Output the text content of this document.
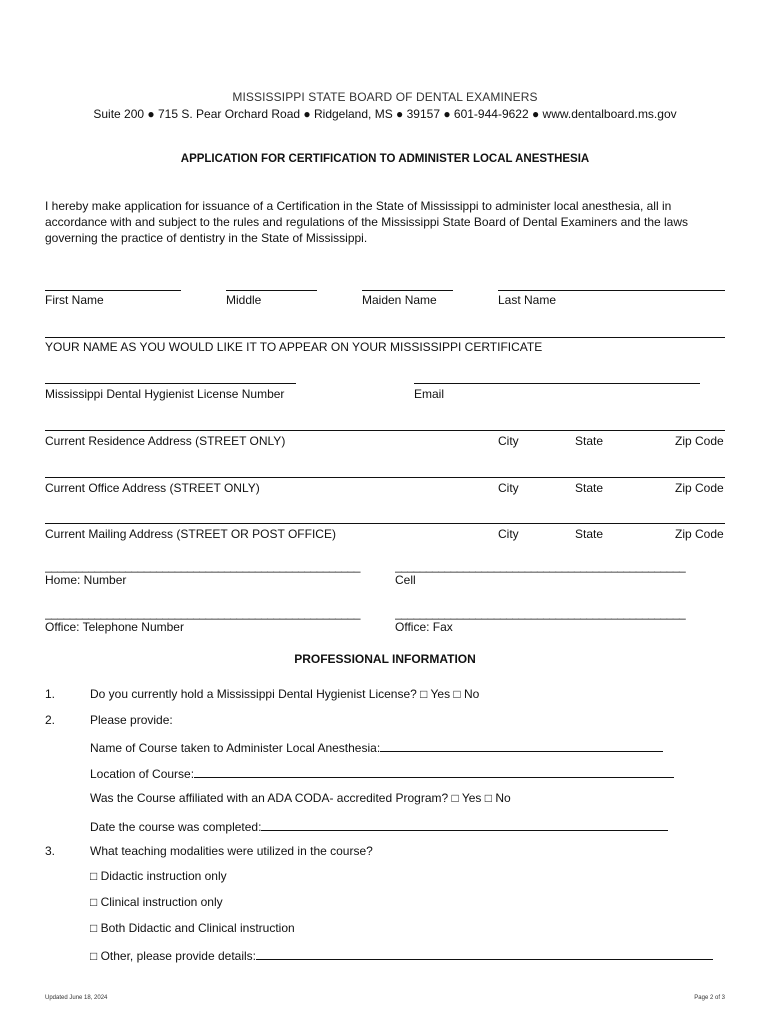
MISSISSIPPI STATE BOARD OF DENTAL EXAMINERS
Suite 200 ● 715 S. Pear Orchard Road ● Ridgeland, MS ● 39157 ● 601-944-9622 ● www.dentalboard.ms.gov
APPLICATION FOR CERTIFICATION TO ADMINISTER LOCAL ANESTHESIA
I hereby make application for issuance of a Certification in the State of Mississippi to administer local anesthesia, all in accordance with and subject to the rules and regulations of the Mississippi State Board of Dental Examiners and the laws governing the practice of dentistry in the State of Mississippi.
First Name	Middle	Maiden Name	Last Name
YOUR NAME AS YOU WOULD LIKE IT TO APPEAR ON YOUR MISSISSIPPI CERTIFICATE
Mississippi Dental Hygienist License Number	Email
Current Residence Address (STREET ONLY)	City	State	Zip Code
Current Office Address (STREET ONLY)	City	State	Zip Code
Current Mailing Address (STREET OR POST OFFICE)	City	State	Zip Code
___________________________________________________	_______________________________________________
Home: Number	Cell
___________________________________________________	_______________________________________________
Office: Telephone Number	Office: Fax
PROFESSIONAL INFORMATION
1.	Do you currently hold a Mississippi Dental Hygienist License? □ Yes □ No
2.	Please provide:
Name of Course taken to Administer Local Anesthesia:
Location of Course:
Was the Course affiliated with an ADA CODA- accredited Program? □ Yes □ No
Date the course was completed:
3.	What teaching modalities were utilized in the course?
□ Didactic instruction only
□ Clinical instruction only
□ Both Didactic and Clinical instruction
□ Other, please provide details:
Updated June 18, 2024	Page 2 of 3
